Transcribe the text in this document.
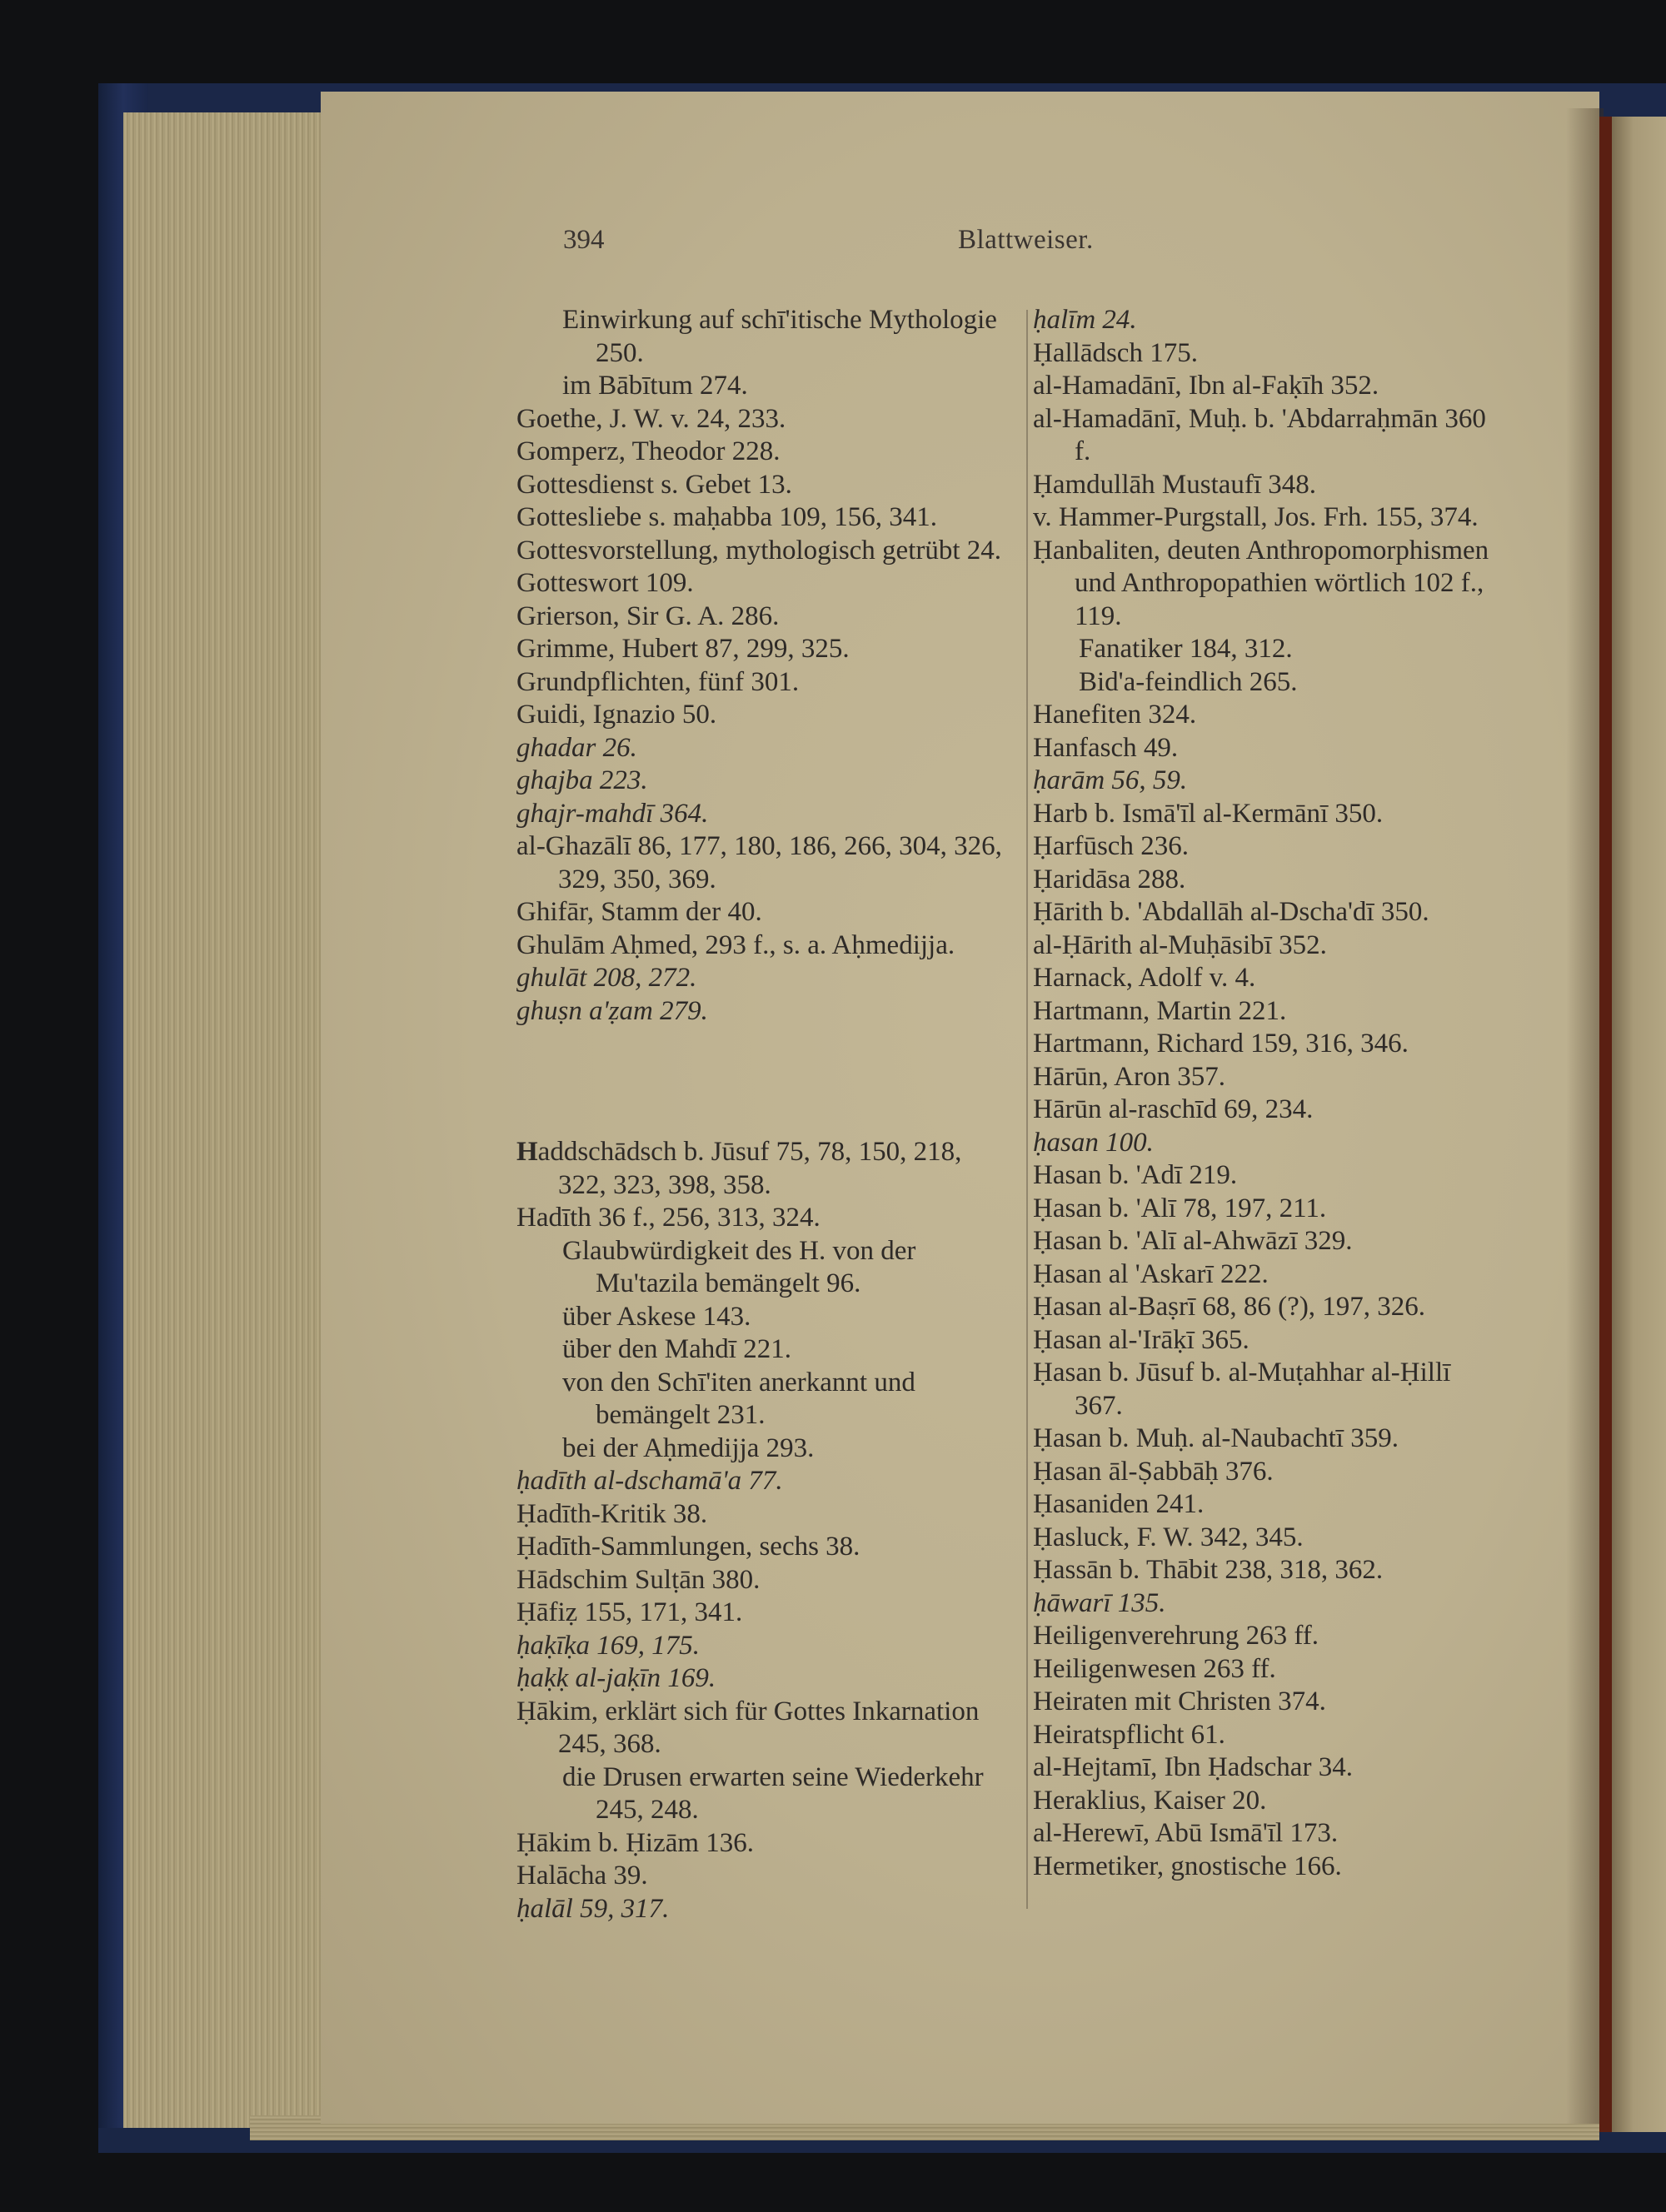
394	Blattweiser.

Einwirkung auf schī'itische Mythologie 250.

im Bābītum 274.

Goethe, J. W. v. 24, 233.

Gomperz, Theodor 228.

Gottesdienst s. Gebet 13.

Gottesliebe s. maḥabba 109, 156, 341.

Gottesvorstellung, mythologisch getrübt 24.

Gotteswort 109.

Grierson, Sir G. A. 286.

Grimme, Hubert 87, 299, 325.

Grundpflichten, fünf 301.

Guidi, Ignazio 50.

ghadar 26.

ghajba 223.

ghajr-mahdī 364.

al-Ghazālī 86, 177, 180, 186, 266, 304, 326, 329, 350, 369.

Ghifār, Stamm der 40.

Ghulām Aḥmed, 293 f., s. a. Aḥmedijja.

ghulāt 208, 272.

ghuṣn a'ẓam 279.

Haddschādsch b. Jūsuf 75, 78, 150, 218, 322, 323, 398, 358.

Hadīth 36 f., 256, 313, 324.

Glaubwürdigkeit des H. von der Mu'tazila bemängelt 96.

über Askese 143.

über den Mahdī 221.

von den Schī'iten anerkannt und bemängelt 231.

bei der Aḥmedijja 293.

ḥadīth al-dschamā'a 77.

Ḥadīth-Kritik 38.

Ḥadīth-Sammlungen, sechs 38.

Hādschim Sulṭān 380.

Ḥāfiẓ 155, 171, 341.

ḥaḳīḳa 169, 175.

ḥaḳḳ al-jaḳīn 169.

Ḥākim, erklärt sich für Gottes Inkarnation 245, 368.

die Drusen erwarten seine Wiederkehr 245, 248.

Ḥākim b. Ḥizām 136.

Halācha 39.

ḥalāl 59, 317.

ḥalīm 24.

Ḥallādsch 175.

al-Hamadānī, Ibn al-Faḳīh 352.

al-Hamadānī, Muḥ. b. 'Abdarraḥmān 360 f.

Ḥamdullāh Mustaufī 348.

v. Hammer-Purgstall, Jos. Frh. 155, 374.

Ḥanbaliten, deuten Anthropomorphismen und Anthropopathien wörtlich 102 f., 119.

Fanatiker 184, 312.

Bid'a-feindlich 265.

Hanefiten 324.

Hanfasch 49.

ḥarām 56, 59.

Harb b. Ismā'īl al-Kermānī 350.

Ḥarfūsch 236.

Ḥaridāsa 288.

Ḥārith b. 'Abdallāh al-Dscha'dī 350.

al-Ḥārith al-Muḥāsibī 352.

Harnack, Adolf v. 4.

Hartmann, Martin 221.

Hartmann, Richard 159, 316, 346.

Hārūn, Aron 357.

Hārūn al-raschīd 69, 234.

ḥasan 100.

Hasan b. 'Adī 219.

Ḥasan b. 'Alī 78, 197, 211.

Ḥasan b. 'Alī al-Ahwāzī 329.

Ḥasan al 'Askarī 222.

Ḥasan al-Baṣrī 68, 86 (?), 197, 326.

Ḥasan al-'Irāḳī 365.

Ḥasan b. Jūsuf b. al-Muṭahhar al-Ḥillī 367.

Ḥasan b. Muḥ. al-Naubachtī 359.

Ḥasan āl-Ṣabbāḥ 376.

Ḥasaniden 241.

Ḥasluck, F. W. 342, 345.

Ḥassān b. Thābit 238, 318, 362.

ḥāwarī 135.

Heiligenverehrung 263 ff.

Heiligenwesen 263 ff.

Heiraten mit Christen 374.

Heiratspflicht 61.

al-Hejtamī, Ibn Ḥadschar 34.

Heraklius, Kaiser 20.

al-Herewī, Abū Ismā'īl 173.

Hermetiker, gnostische 166.
